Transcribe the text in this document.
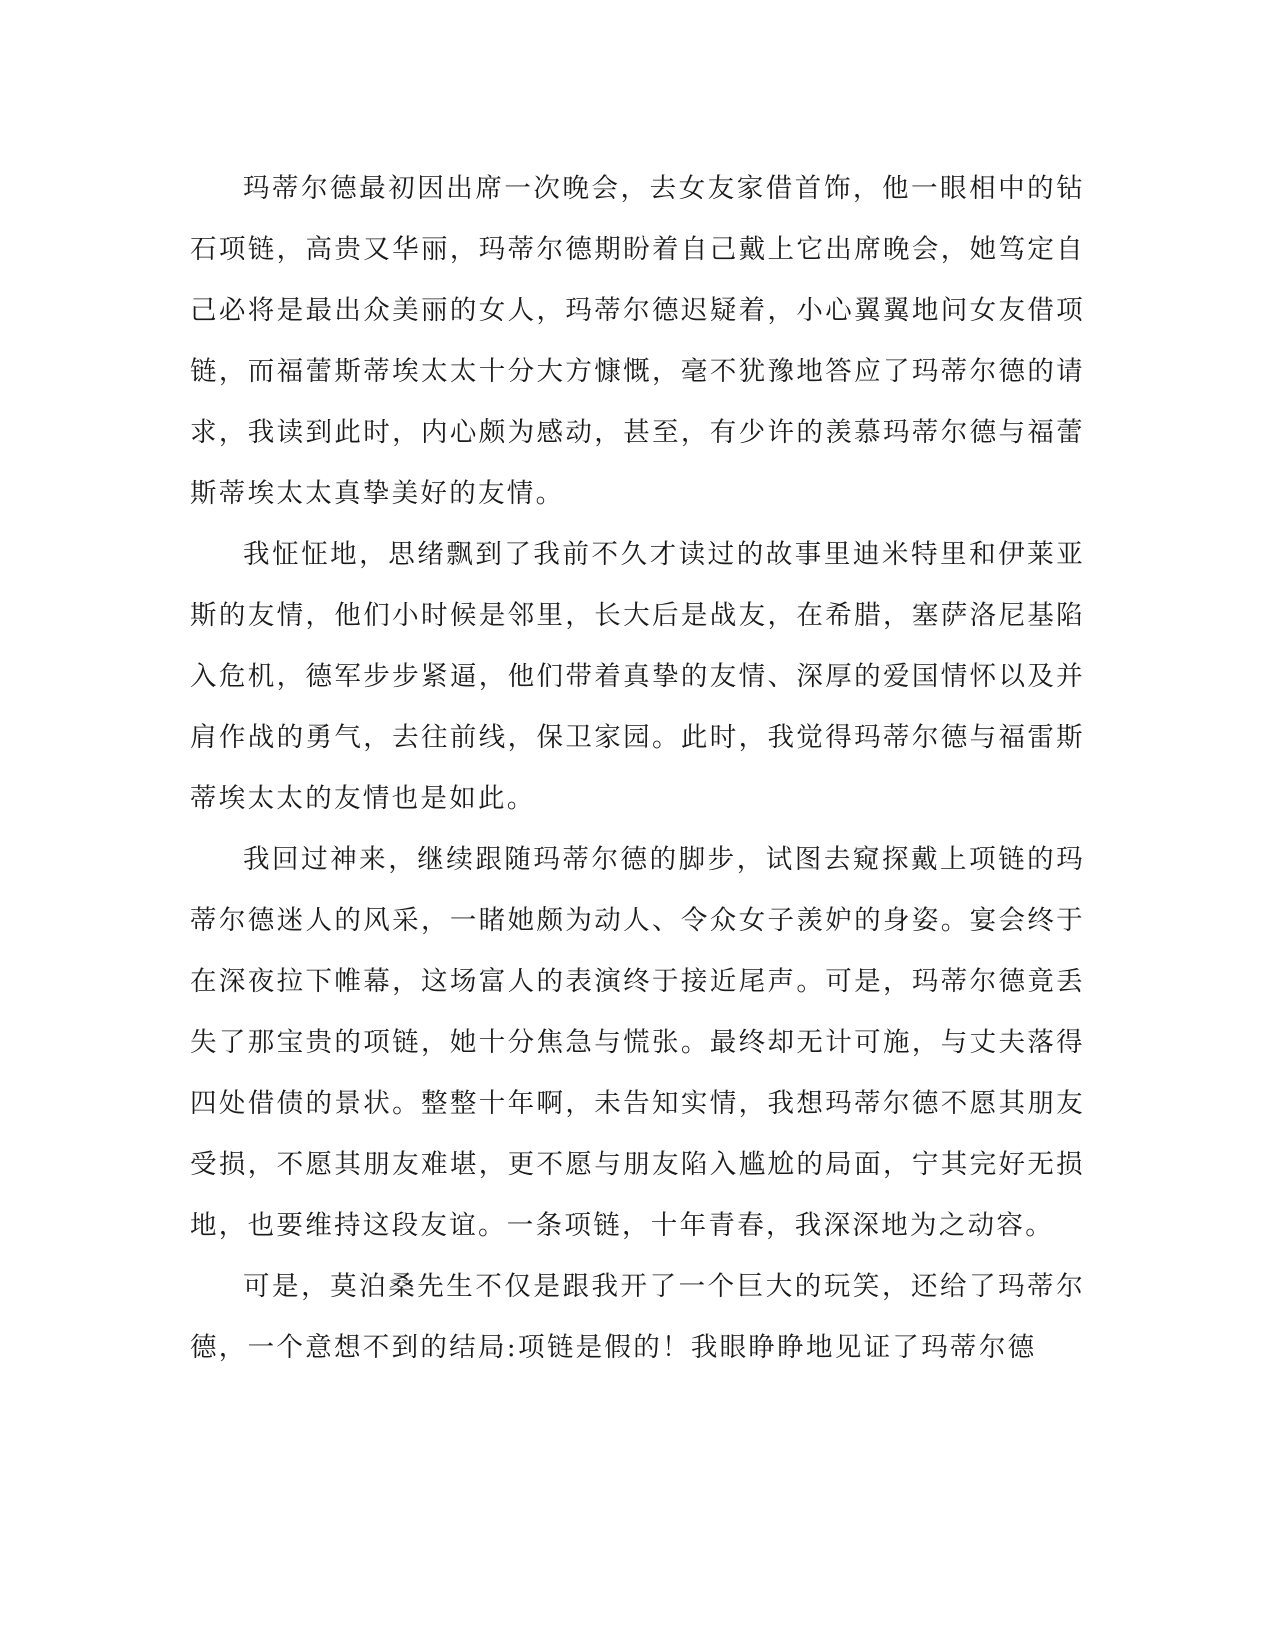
玛蒂尔德最初因出席一次晚会，去女友家借首饰，他一眼相中的钻石项链，高贵又华丽，玛蒂尔德期盼着自己戴上它出席晚会，她笃定自己必将是最出众美丽的女人，玛蒂尔德迟疑着，小心翼翼地问女友借项链，而福蕾斯蒂埃太太十分大方慷慨，毫不犹豫地答应了玛蒂尔德的请求，我读到此时，内心颇为感动，甚至，有少许的羡慕玛蒂尔德与福蕾斯蒂埃太太真挚美好的友情。

我怔怔地，思绪飘到了我前不久才读过的故事里迪米特里和伊莱亚斯的友情，他们小时候是邻里，长大后是战友，在希腊，塞萨洛尼基陷入危机，德军步步紧逼，他们带着真挚的友情、深厚的爱国情怀以及并肩作战的勇气，去往前线，保卫家园。此时，我觉得玛蒂尔德与福雷斯蒂埃太太的友情也是如此。

我回过神来，继续跟随玛蒂尔德的脚步，试图去窥探戴上项链的玛蒂尔德迷人的风采，一睹她颇为动人、令众女子羡妒的身姿。宴会终于在深夜拉下帷幕，这场富人的表演终于接近尾声。可是，玛蒂尔德竟丢失了那宝贵的项链，她十分焦急与慌张。最终却无计可施，与丈夫落得四处借债的景状。整整十年啊，未告知实情，我想玛蒂尔德不愿其朋友受损，不愿其朋友难堪，更不愿与朋友陷入尴尬的局面，宁其完好无损地，也要维持这段友谊。一条项链，十年青春，我深深地为之动容。

可是，莫泊桑先生不仅是跟我开了一个巨大的玩笑，还给了玛蒂尔德，一个意想不到的结局:项链是假的！我眼睁睁地见证了玛蒂尔德
